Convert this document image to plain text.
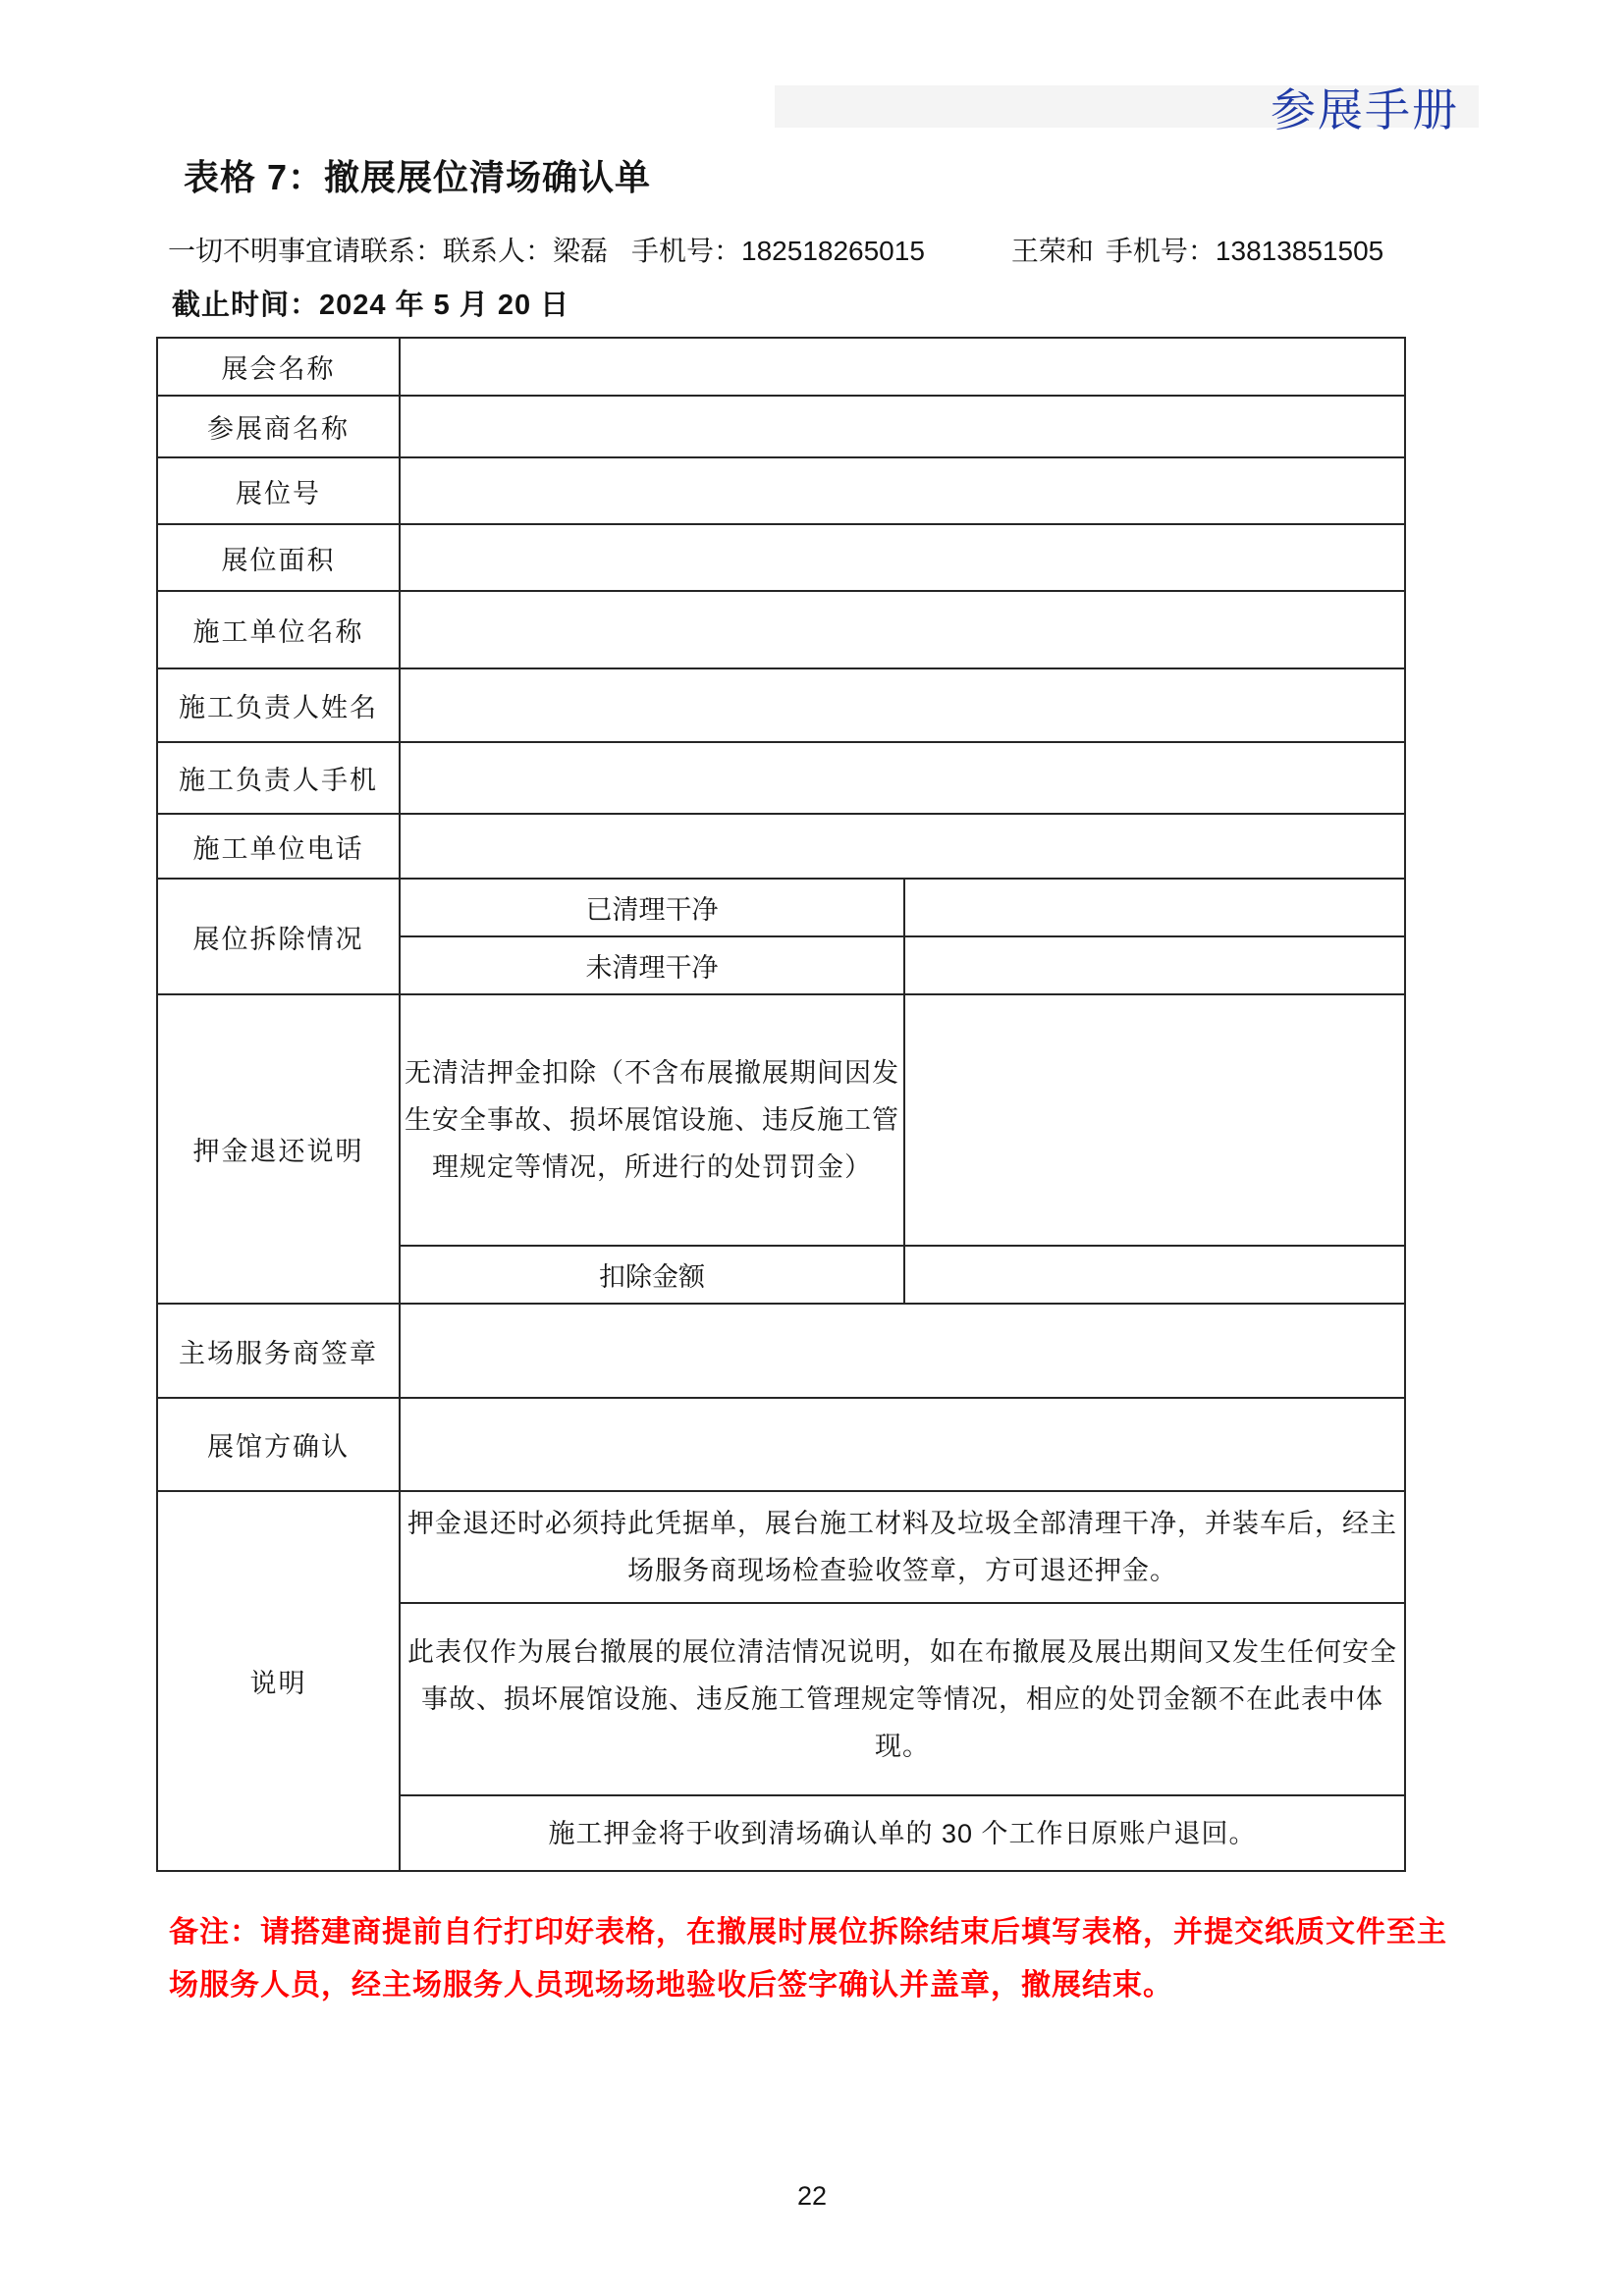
参展手册
表格 7：撤展展位清场确认单
一切不明事宜请联系：联系人：梁磊 手机号：182518265015	王荣和 手机号：13813851505
截止时间：2024 年 5 月 20 日
展会名称		
参展商名称		
展位号		
展位面积		
施工单位名称		
施工负责人姓名		
施工负责人手机		
施工单位电话		
展位拆除情况	已清理干净	
	未清理干净	
押金退还说明	无清洁押金扣除（不含布展撤展期间因发生安全事故、损坏展馆设施、违反施工管理规定等情况，所进行的处罚罚金）	
	扣除金额	
主场服务商签章		
展馆方确认		
说明	押金退还时必须持此凭据单，展台施工材料及垃圾全部清理干净，并装车后，经主场服务商现场检查验收签章，方可退还押金。	
	此表仅作为展台撤展的展位清洁情况说明，如在布撤展及展出期间又发生任何安全事故、损坏展馆设施、违反施工管理规定等情况，相应的处罚金额不在此表中体现。	
	施工押金将于收到清场确认单的 30 个工作日原账户退回。	
备注：请搭建商提前自行打印好表格，在撤展时展位拆除结束后填写表格，并提交纸质文件至主场服务人员，经主场服务人员现场场地验收后签字确认并盖章，撤展结束。
22
